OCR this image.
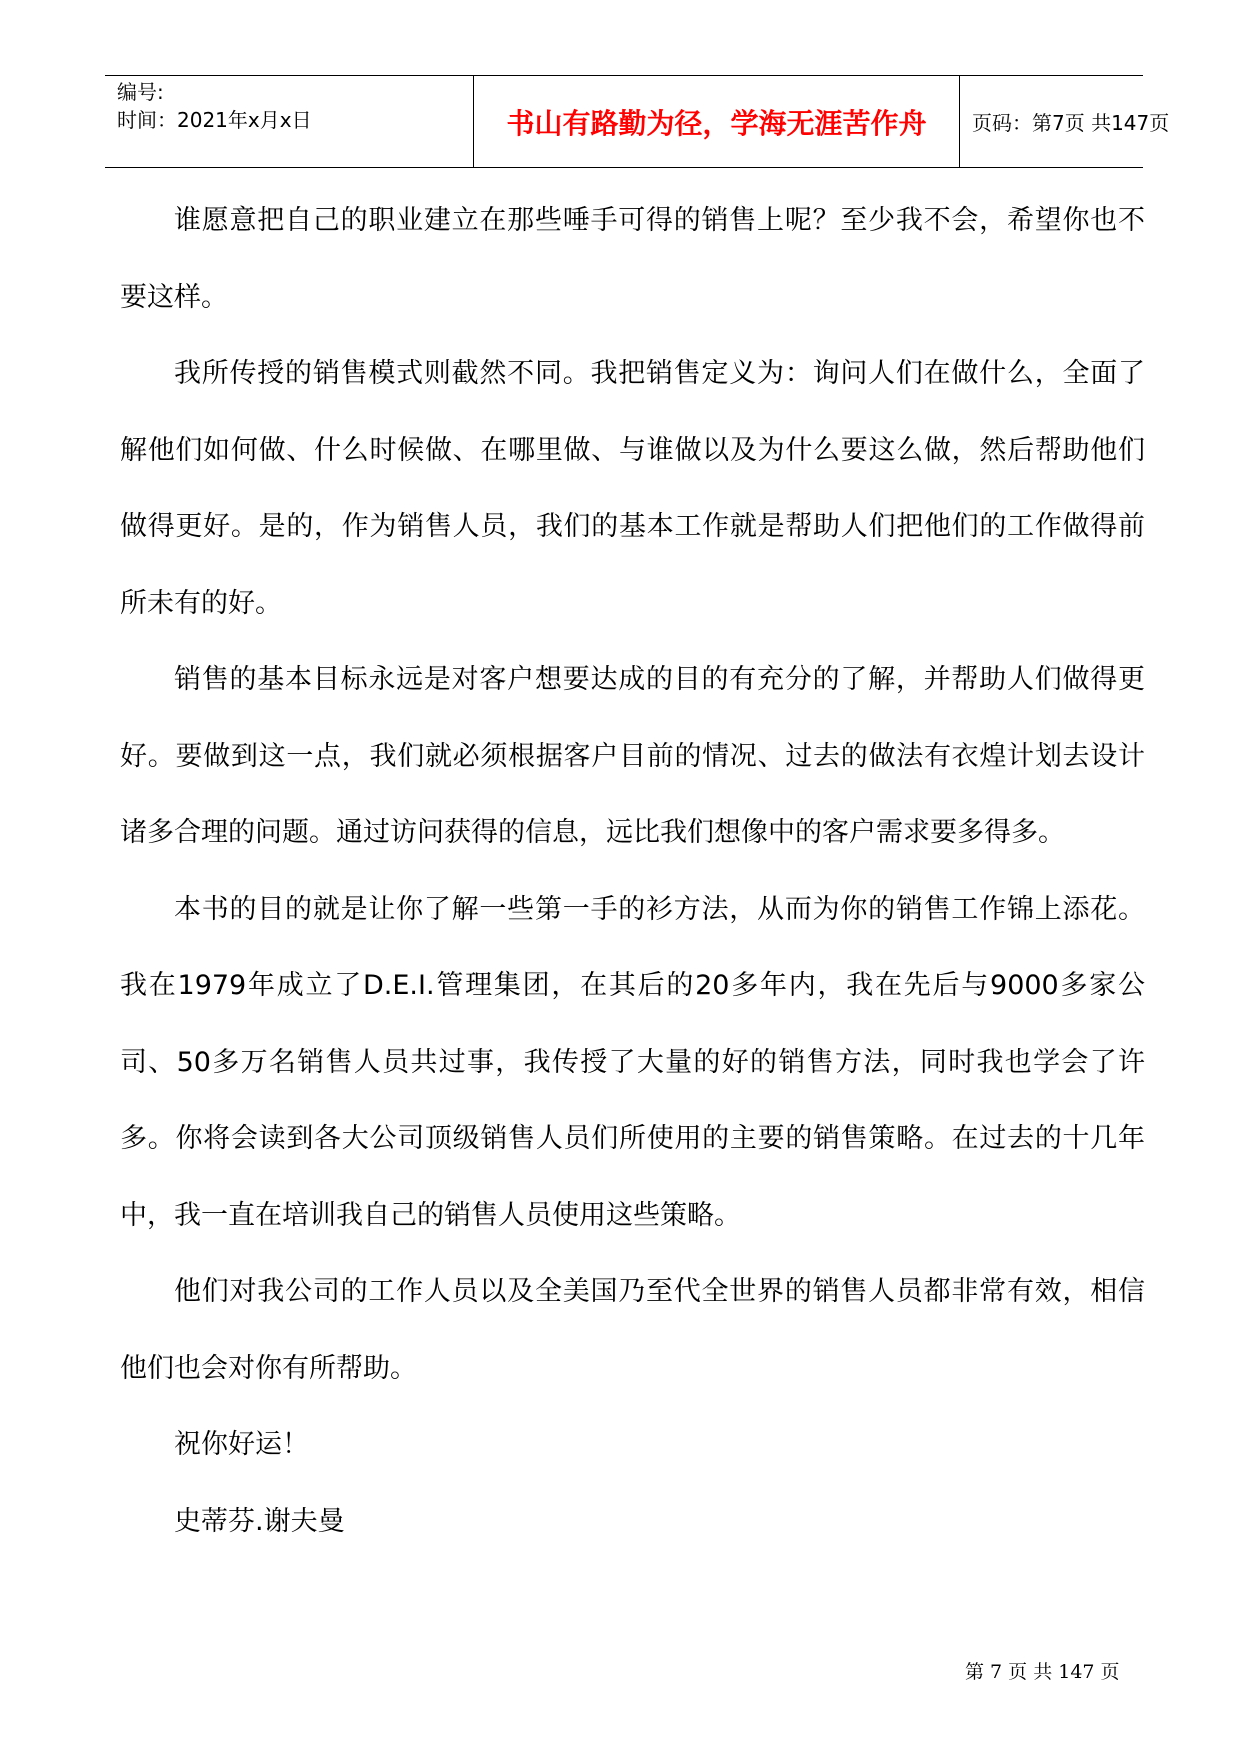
编号:
时间：2021年x月x日	书山有路勤为径，学海无涯苦作舟	页码：第7页 共147页

谁愿意把自己的职业建立在那些唾手可得的销售上呢？至少我不会，希望你也不要这样。

我所传授的销售模式则截然不同。我把销售定义为：询问人们在做什么，全面了解他们如何做、什么时候做、在哪里做、与谁做以及为什么要这么做，然后帮助他们做得更好。是的，作为销售人员，我们的基本工作就是帮助人们把他们的工作做得前所未有的好。

销售的基本目标永远是对客户想要达成的目的有充分的了解，并帮助人们做得更好。要做到这一点，我们就必须根据客户目前的情况、过去的做法有衣煌计划去设计诸多合理的问题。通过访问获得的信息，远比我们想像中的客户需求要多得多。

本书的目的就是让你了解一些第一手的衫方法，从而为你的销售工作锦上添花。我在1979年成立了D.E.I.管理集团，在其后的20多年内，我在先后与9000多家公司、50多万名销售人员共过事，我传授了大量的好的销售方法，同时我也学会了许多。你将会读到各大公司顶级销售人员们所使用的主要的销售策略。在过去的十几年中，我一直在培训我自己的销售人员使用这些策略。

他们对我公司的工作人员以及全美国乃至代全世界的销售人员都非常有效，相信他们也会对你有所帮助。

祝你好运！

史蒂芬.谢夫曼

第 7 页 共 147 页
